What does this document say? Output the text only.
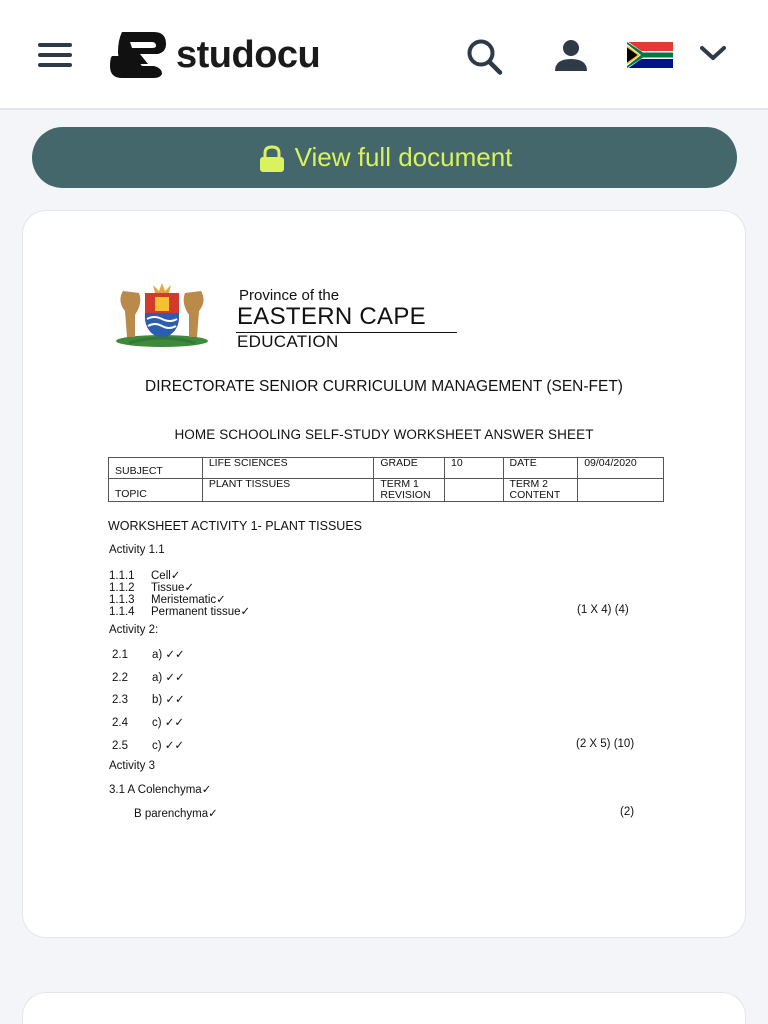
studocu
View full document
Province of the
EASTERN CAPE
EDUCATION
DIRECTORATE SENIOR CURRICULUM MANAGEMENT (SEN-FET)
HOME SCHOOLING SELF-STUDY WORKSHEET ANSWER SHEET
SUBJECT	LIFE SCIENCES	GRADE	10	DATE	09/04/2020
TOPIC	PLANT TISSUES	TERM 1 REVISION		TERM 2 CONTENT	
WORKSHEET ACTIVITY 1- PLANT TISSUES
Activity 1.1
1.1.1 Cell✓
1.1.2 Tissue✓
1.1.3 Meristematic✓
1.1.4 Permanent tissue✓	(1 X 4) (4)
Activity 2:
2.1 a) ✓✓
2.2 a) ✓✓
2.3 b) ✓✓
2.4 c) ✓✓
2.5 c) ✓✓	(2 X 5) (10)
Activity 3
3.1 A Colenchyma✓
B parenchyma✓	(2)
